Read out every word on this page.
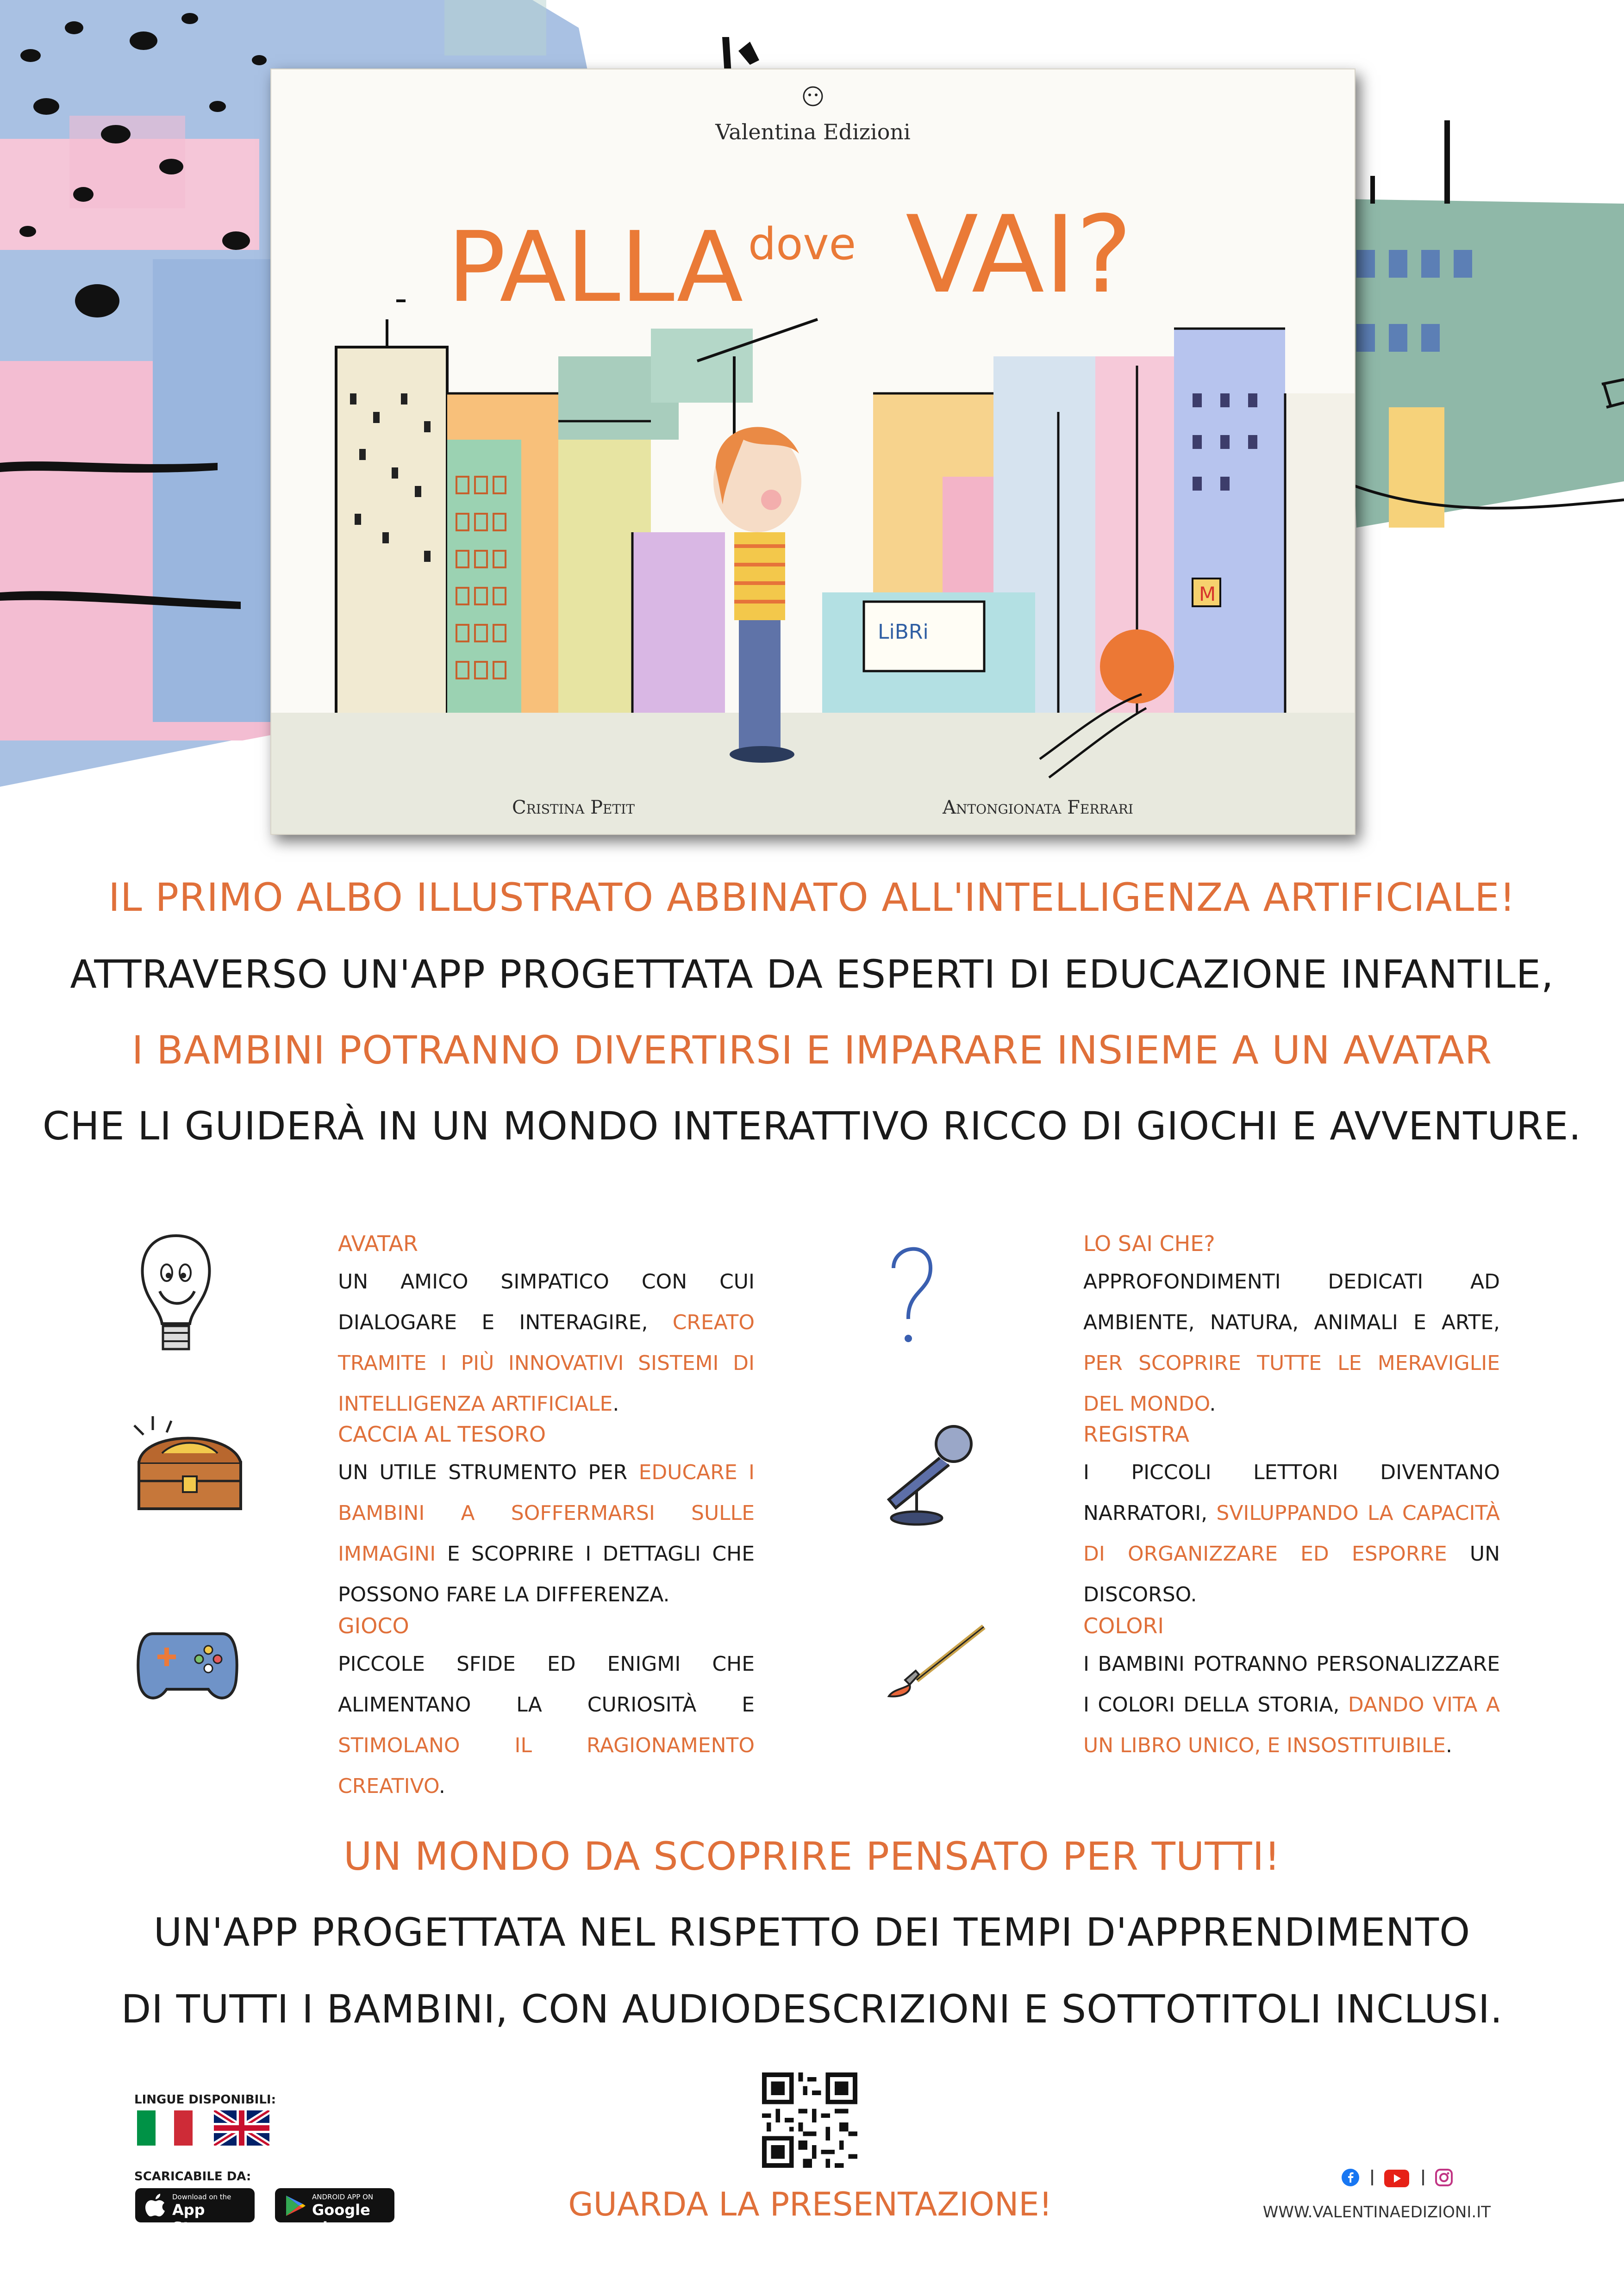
LiBRi
M
PALLA dove VAI?
Valentina Edizioni
Cristina Petit	Antongionata Ferrari
IL PRIMO ALBO ILLUSTRATO ABBINATO ALL'INTELLIGENZA ARTIFICIALE!
ATTRAVERSO UN'APP PROGETTATA DA ESPERTI DI EDUCAZIONE INFANTILE,
I BAMBINI POTRANNO DIVERTIRSI E IMPARARE INSIEME A UN AVATAR
CHE LI GUIDERÀ IN UN MONDO INTERATTIVO RICCO DI GIOCHI E AVVENTURE.
AVATAR
UN AMICO SIMPATICO CON CUI DIALOGARE E INTERAGIRE, CREATO TRAMITE I PIÙ INNOVATIVI SISTEMI DI INTELLIGENZA ARTIFICIALE.
LO SAI CHE?
APPROFONDIMENTI DEDICATI AD AMBIENTE, NATURA, ANIMALI E ARTE, PER SCOPRIRE TUTTE LE MERAVIGLIE DEL MONDO.
CACCIA AL TESORO
UN UTILE STRUMENTO PER EDUCARE I BAMBINI A SOFFERMARSI SULLE IMMAGINI E SCOPRIRE I DETTAGLI CHE POSSONO FARE LA DIFFERENZA.
REGISTRA
I PICCOLI LETTORI DIVENTANO NARRATORI, SVILUPPANDO LA CAPACITÀ DI ORGANIZZARE ED ESPORRE UN DISCORSO.
GIOCO
PICCOLE SFIDE ED ENIGMI CHE ALIMENTANO LA CURIOSITÀ E STIMOLANO IL RAGIONAMENTO CREATIVO.
COLORI
I BAMBINI POTRANNO PERSONALIZZARE I COLORI DELLA STORIA, DANDO VITA A UN LIBRO UNICO, E INSOSTITUIBILE.
UN MONDO DA SCOPRIRE PENSATO PER TUTTI!
UN'APP PROGETTATA NEL RISPETTO DEI TEMPI D'APPRENDIMENTO
DI TUTTI I BAMBINI, CON AUDIODESCRIZIONI E SOTTOTITOLI INCLUSI.
LINGUE DISPONIBILI:
SCARICABILE DA:
Download on the
App Store
ANDROID APP ON
Google play
GUARDA LA PRESENTAZIONE!	WWW.VALENTINAEDIZIONI.IT
